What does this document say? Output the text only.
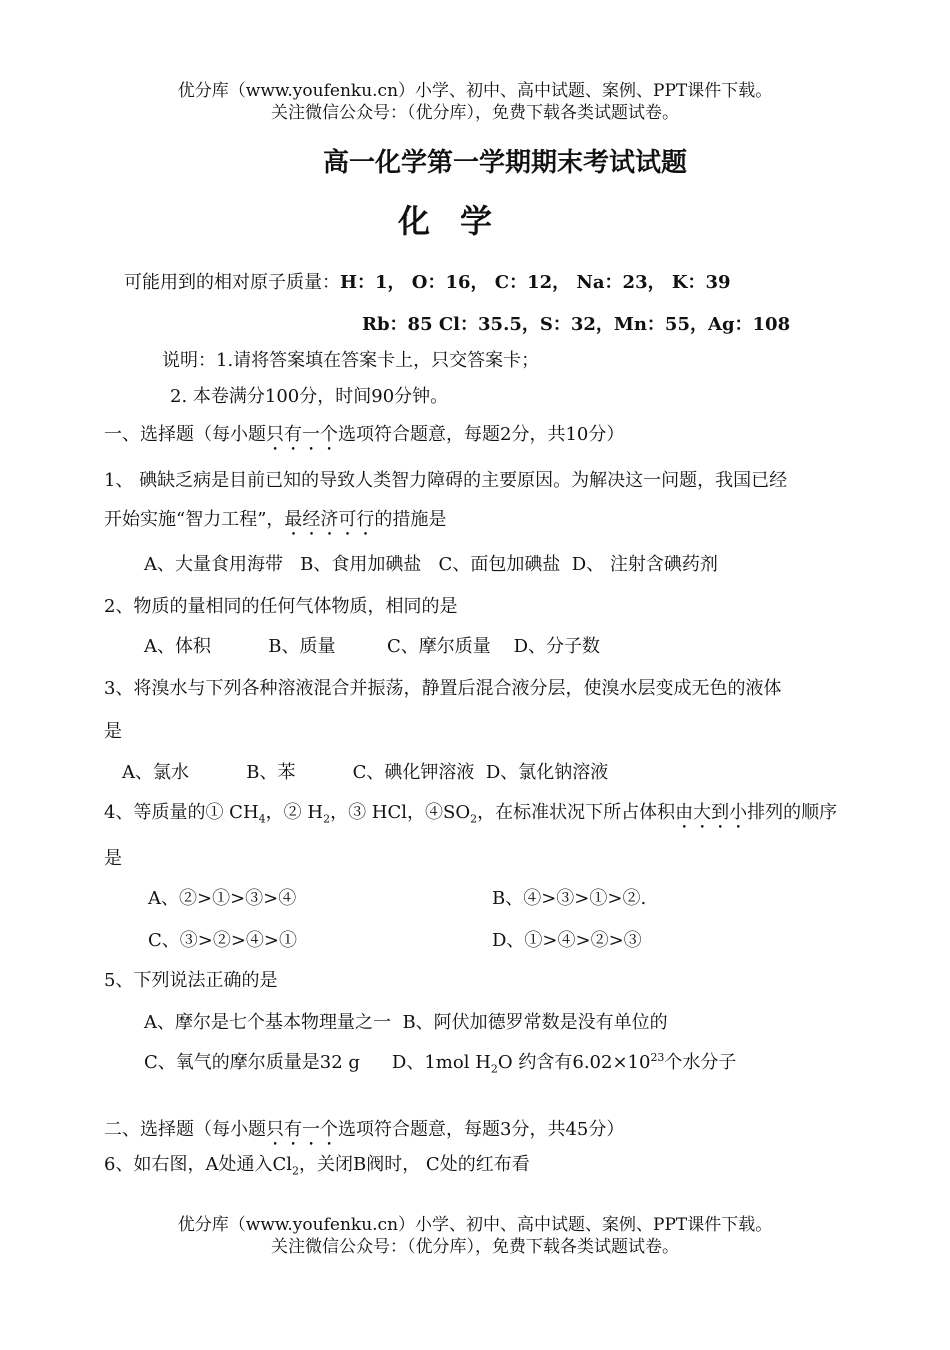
优分库（www.youfenku.cn）小学、初中、高中试题、案例、PPT课件下载。
关注微信公众号：（优分库），免费下载各类试题试卷。
高一化学第一学期期末考试试题
化学
可能用到的相对原子质量：H：1， O：16， C：12， Na：23， K：39
Rb：85 Cl：35.5，S：32，Mn：55，Ag：108
说明：1.请将答案填在答案卡上，只交答案卡；
2. 本卷满分100分，时间90分钟。
一、选择题（每小题只有一个选项符合题意，每题2分，共10分）
1、 碘缺乏病是目前已知的导致人类智力障碍的主要原因。为解决这一问题，我国已经
开始实施“智力工程”，最经济可行的措施是
A、大量食用海带   B、食用加碘盐   C、面包加碘盐  D、 注射含碘药剂
2、物质的量相同的任何气体物质，相同的是
A、体积          B、质量         C、摩尔质量    D、分子数
3、将溴水与下列各种溶液混合并振荡，静置后混合液分层，使溴水层变成无色的液体
是
A、氯水          B、苯          C、碘化钾溶液  D、氯化钠溶液
4、等质量的① $CH_4$，② $H_2$，③ HCl，$④SO_2$，在标准状况下所占体积由大到小排列的顺序
是
A、②>①>③>④	B、④>③>①>②.
C、③>②>④>①	D、①>④>②>③
5、下列说法正确的是
A、摩尔是七个基本物理量之一  B、阿伏加德罗常数是没有单位的
C、氧气的摩尔质量是32 g D、1mol $H_2O$ 约含有$6.02\times 10^{23}$个水分子
二、选择题（每小题只有一个选项符合题意，每题3分，共45分）
6、如右图，A处通入$Cl_2$，关闭B阀时， C处的红布看
优分库（www.youfenku.cn）小学、初中、高中试题、案例、PPT课件下载。
关注微信公众号：（优分库），免费下载各类试题试卷。
